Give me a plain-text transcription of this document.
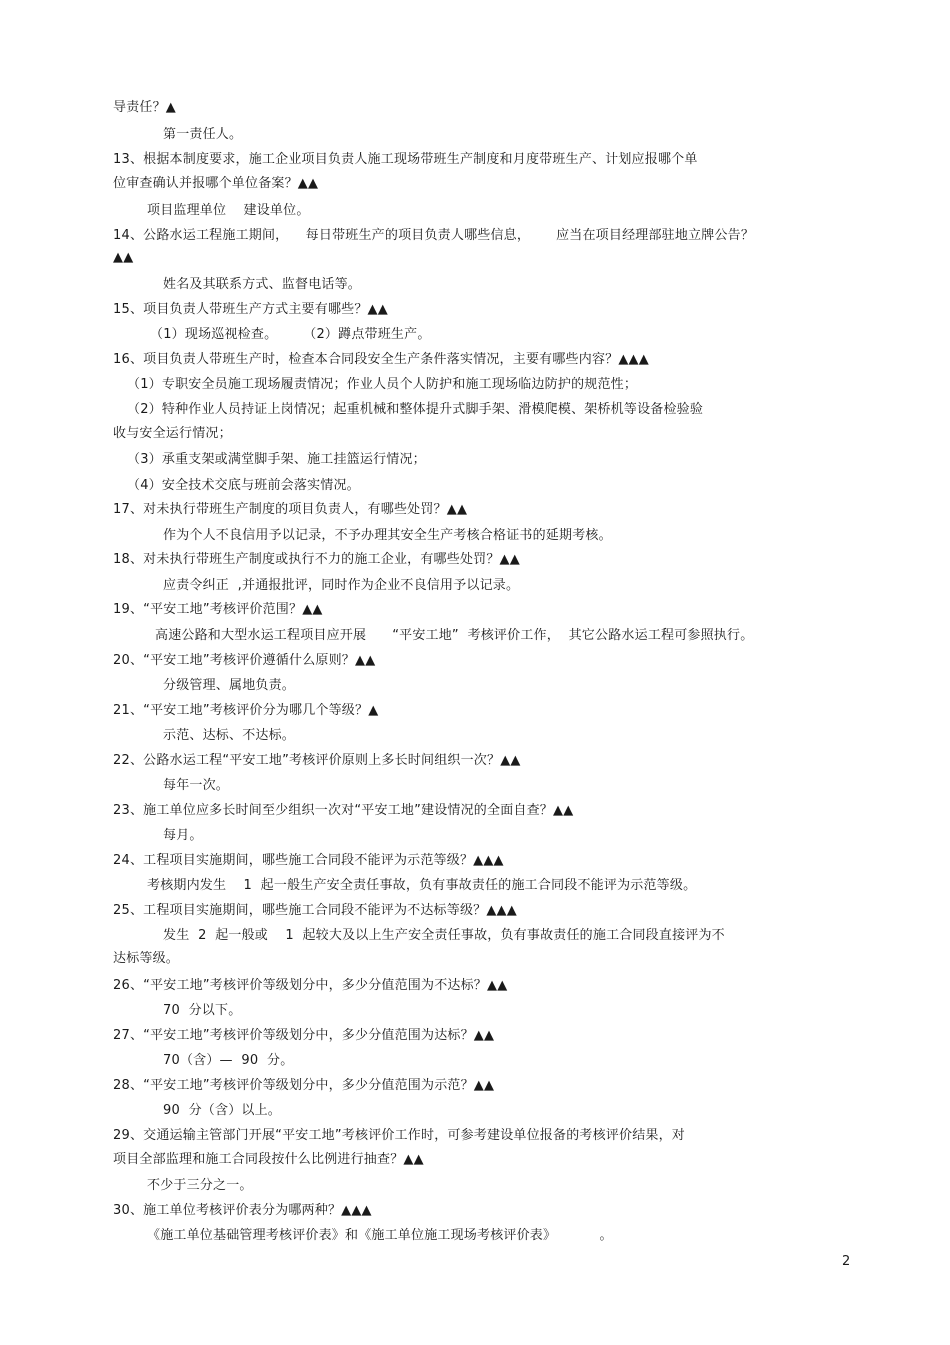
导责任？▲
第一责任人。
13、根据本制度要求，施工企业项目负责人施工现场带班生产制度和月度带班生产、计划应报哪个单
位审查确认并报哪个单位备案？▲▲
项目监理单位    建设单位。
14、公路水运工程施工期间，    每日带班生产的项目负责人哪些信息，      应当在项目经理部驻地立牌公告？
▲▲
姓名及其联系方式、监督电话等。
15、项目负责人带班生产方式主要有哪些？▲▲
（1）现场巡视检查。      （2）蹲点带班生产。
16、项目负责人带班生产时，检查本合同段安全生产条件落实情况，主要有哪些内容？▲▲▲
（1）专职安全员施工现场履责情况；作业人员个人防护和施工现场临边防护的规范性；
（2）特种作业人员持证上岗情况；起重机械和整体提升式脚手架、滑模爬模、架桥机等设备检验验
收与安全运行情况；
（3）承重支架或满堂脚手架、施工挂篮运行情况；
（4）安全技术交底与班前会落实情况。
17、对未执行带班生产制度的项目负责人，有哪些处罚？▲▲
作为个人不良信用予以记录，不予办理其安全生产考核合格证书的延期考核。
18、对未执行带班生产制度或执行不力的施工企业，有哪些处罚？▲▲
应责令纠正  ,并通报批评，同时作为企业不良信用予以记录。
19、“平安工地”考核评价范围？▲▲
高速公路和大型水运工程项目应开展      “平安工地”  考核评价工作，  其它公路水运工程可参照执行。
20、“平安工地”考核评价遵循什么原则？▲▲
分级管理、属地负责。
21、“平安工地”考核评价分为哪几个等级？▲
示范、达标、不达标。
22、公路水运工程“平安工地”考核评价原则上多长时间组织一次？▲▲
每年一次。
23、施工单位应多长时间至少组织一次对“平安工地”建设情况的全面自查？▲▲
每月。
24、工程项目实施期间，哪些施工合同段不能评为示范等级？▲▲▲
考核期内发生    1  起一般生产安全责任事故，负有事故责任的施工合同段不能评为示范等级。
25、工程项目实施期间，哪些施工合同段不能评为不达标等级？▲▲▲
发生  2  起一般或    1  起较大及以上生产安全责任事故，负有事故责任的施工合同段直接评为不
达标等级。
26、“平安工地”考核评价等级划分中，多少分值范围为不达标？▲▲
70  分以下。
27、“平安工地”考核评价等级划分中，多少分值范围为达标？▲▲
70（含）—  90  分。
28、“平安工地”考核评价等级划分中，多少分值范围为示范？▲▲
90  分（含）以上。
29、交通运输主管部门开展“平安工地”考核评价工作时，可参考建设单位报备的考核评价结果，对
项目全部监理和施工合同段按什么比例进行抽查？▲▲
不少于三分之一。
30、施工单位考核评价表分为哪两种？▲▲▲
《施工单位基础管理考核评价表》和《施工单位施工现场考核评价表》          。
2
